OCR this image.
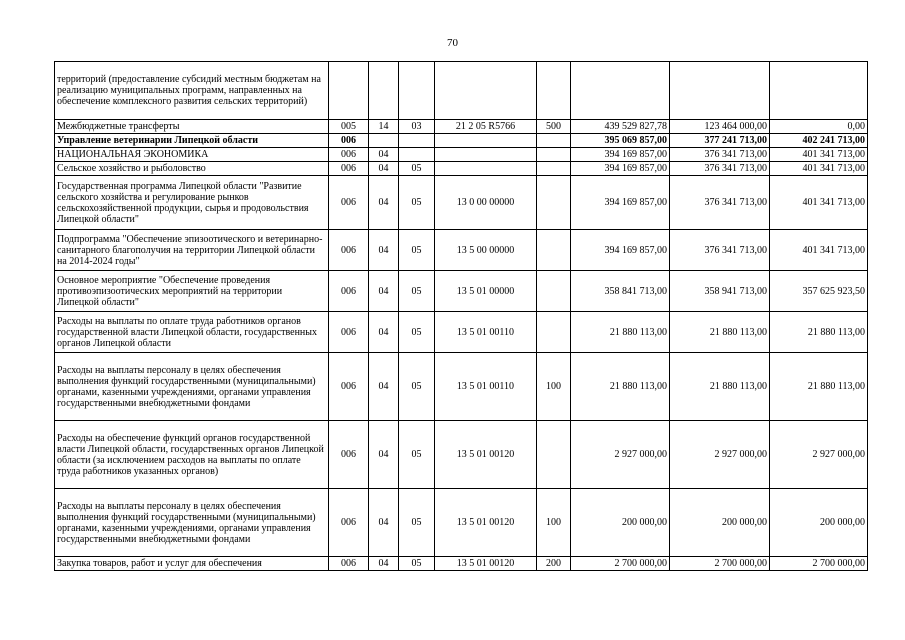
70
территорий (предоставление субсидий местным бюджетам на реализацию муниципальных программ, направленных на обеспечение комплексного развития сельских территорий)								
Межбюджетные трансферты	005	14	03	21 2 05 R5766	500	439 529 827,78	123 464 000,00	0,00
Управление ветеринарии Липецкой области	006					395 069 857,00	377 241 713,00	402 241 713,00
НАЦИОНАЛЬНАЯ ЭКОНОМИКА	006	04				394 169 857,00	376 341 713,00	401 341 713,00
Сельское хозяйство и рыболовство	006	04	05			394 169 857,00	376 341 713,00	401 341 713,00
Государственная программа Липецкой области "Развитие сельского хозяйства и регулирование рынков сельскохозяйственной продукции, сырья и продовольствия Липецкой области"	006	04	05	13 0 00 00000		394 169 857,00	376 341 713,00	401 341 713,00
Подпрограмма "Обеспечение эпизоотического и ветеринарно-санитарного благополучия на территории Липецкой области на 2014-2024 годы"	006	04	05	13 5 00 00000		394 169 857,00	376 341 713,00	401 341 713,00
Основное мероприятие "Обеспечение проведения противоэпизоотических мероприятий на территории Липецкой области"	006	04	05	13 5 01 00000		358 841 713,00	358 941 713,00	357 625 923,50
Расходы на выплаты по оплате труда работников органов государственной власти Липецкой области, государственных органов Липецкой области	006	04	05	13 5 01 00110		21 880 113,00	21 880 113,00	21 880 113,00
Расходы на выплаты персоналу в целях обеспечения выполнения функций государственными (муниципальными) органами, казенными учреждениями, органами управления государственными внебюджетными фондами	006	04	05	13 5 01 00110	100	21 880 113,00	21 880 113,00	21 880 113,00
Расходы на обеспечение функций органов государственной власти Липецкой области, государственных органов Липецкой области (за исключением расходов на выплаты по оплате труда работников указанных органов)	006	04	05	13 5 01 00120		2 927 000,00	2 927 000,00	2 927 000,00
Расходы на выплаты персоналу в целях обеспечения выполнения функций государственными (муниципальными) органами, казенными учреждениями, органами управления государственными внебюджетными фондами	006	04	05	13 5 01 00120	100	200 000,00	200 000,00	200 000,00
Закупка товаров, работ и услуг для обеспечения	006	04	05	13 5 01 00120	200	2 700 000,00	2 700 000,00	2 700 000,00
